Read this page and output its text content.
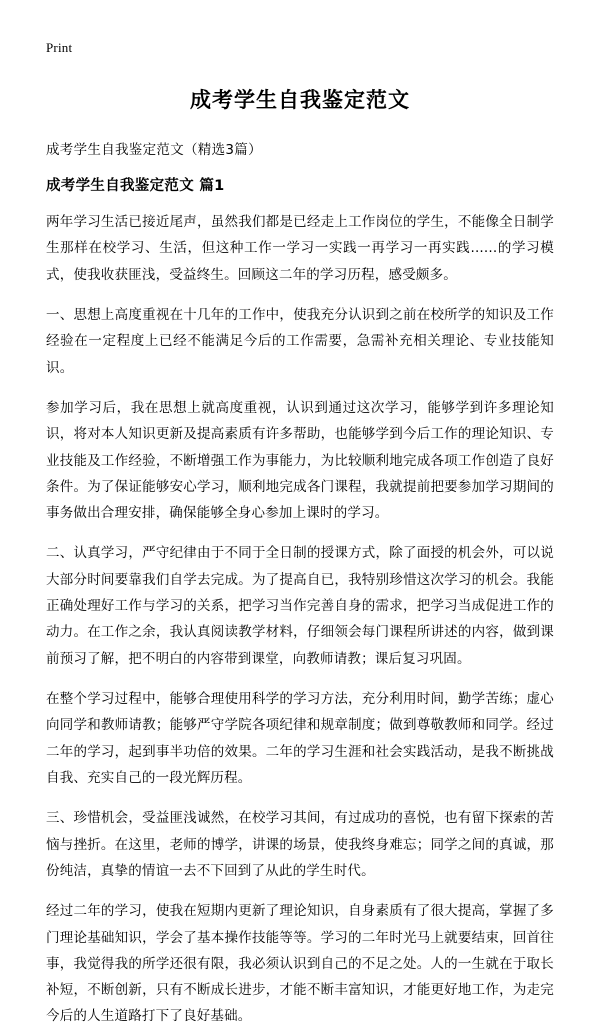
Print
成考学生自我鉴定范文
成考学生自我鉴定范文（精选3篇）
成考学生自我鉴定范文 篇1

两年学习生活已接近尾声，虽然我们都是已经走上工作岗位的学生，不能像全日制学生那样在校学习、生活，但这种工作一学习一实践一再学习一再实践......的学习模式，使我收获匪浅，受益终生。回顾这二年的学习历程，感受颇多。

一、思想上高度重视在十几年的工作中，使我充分认识到之前在校所学的知识及工作经验在一定程度上已经不能满足今后的工作需要，急需补充相关理论、专业技能知识。

参加学习后，我在思想上就高度重视，认识到通过这次学习，能够学到许多理论知识，将对本人知识更新及提高素质有许多帮助，也能够学到今后工作的理论知识、专业技能及工作经验，不断增强工作为事能力，为比较顺利地完成各项工作创造了良好条件。为了保证能够安心学习，顺利地完成各门课程，我就提前把要参加学习期间的事务做出合理安排，确保能够全身心参加上课时的学习。

二、认真学习，严守纪律由于不同于全日制的授课方式，除了面授的机会外，可以说大部分时间要靠我们自学去完成。为了提高自已，我特别珍惜这次学习的机会。我能正确处理好工作与学习的关系，把学习当作完善自身的需求，把学习当成促进工作的动力。在工作之余，我认真阅读教学材料，仔细领会每门课程所讲述的内容，做到课前预习了解，把不明白的内容带到课堂，向教师请教；课后复习巩固。

在整个学习过程中，能够合理使用科学的学习方法，充分利用时间，勤学苦练；虚心向同学和教师请教；能够严守学院各项纪律和规章制度；做到尊敬教师和同学。经过二年的学习，起到事半功倍的效果。二年的学习生涯和社会实践活动，是我不断挑战自我、充实自己的一段光辉历程。

三、珍惜机会，受益匪浅诚然，在校学习其间，有过成功的喜悦，也有留下探索的苦恼与挫折。在这里，老师的博学，讲课的场景，使我终身难忘；同学之间的真诚，那份纯洁，真挚的情谊一去不下回到了从此的学生时代。

经过二年的学习，使我在短期内更新了理论知识，自身素质有了很大提高，掌握了多门理论基础知识，学会了基本操作技能等等。学习的二年时光马上就要结束，回首往事，我觉得我的所学还很有限，我必须认识到自己的不足之处。人的一生就在于取长补短，不断创新，只有不断成长进步，才能不断丰富知识，才能更好地工作，为走完今后的人生道路打下了良好基础。
